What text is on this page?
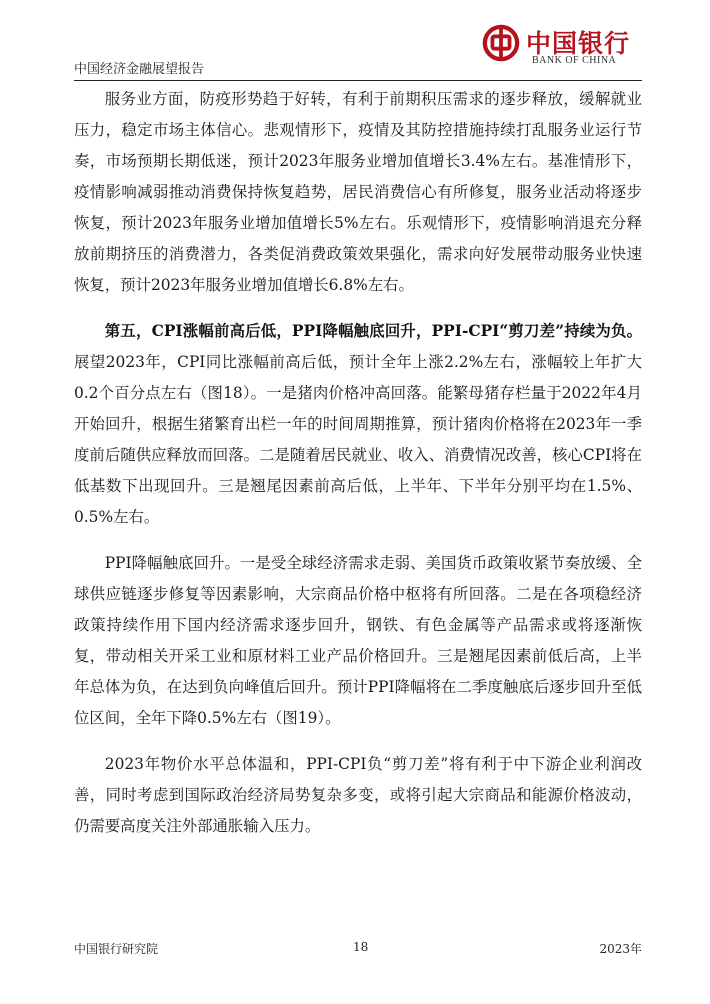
中国经济金融展望报告
中国银行
BANK OF CHINA

服务业方面，防疫形势趋于好转，有利于前期积压需求的逐步释放，缓解就业压力，稳定市场主体信心。悲观情形下，疫情及其防控措施持续打乱服务业运行节奏，市场预期长期低迷，预计2023年服务业增加值增长3.4%左右。基准情形下，疫情影响减弱推动消费保持恢复趋势，居民消费信心有所修复，服务业活动将逐步恢复，预计2023年服务业增加值增长5%左右。乐观情形下，疫情影响消退充分释放前期挤压的消费潜力，各类促消费政策效果强化，需求向好发展带动服务业快速恢复，预计2023年服务业增加值增长6.8%左右。

第五，CPI涨幅前高后低，PPI降幅触底回升，PPI-CPI“剪刀差”持续为负。展望2023年，CPI同比涨幅前高后低，预计全年上涨2.2%左右，涨幅较上年扩大0.2个百分点左右（图18）。一是猪肉价格冲高回落。能繁母猪存栏量于2022年4月开始回升，根据生猪繁育出栏一年的时间周期推算，预计猪肉价格将在2023年一季度前后随供应释放而回落。二是随着居民就业、收入、消费情况改善，核心CPI将在低基数下出现回升。三是翘尾因素前高后低，上半年、下半年分别平均在1.5%、0.5%左右。

PPI降幅触底回升。一是受全球经济需求走弱、美国货币政策收紧节奏放缓、全球供应链逐步修复等因素影响，大宗商品价格中枢将有所回落。二是在各项稳经济政策持续作用下国内经济需求逐步回升，钢铁、有色金属等产品需求或将逐渐恢复，带动相关开采工业和原材料工业产品价格回升。三是翘尾因素前低后高，上半年总体为负，在达到负向峰值后回升。预计PPI降幅将在二季度触底后逐步回升至低位区间，全年下降0.5%左右（图19）。

2023年物价水平总体温和，PPI-CPI负“剪刀差”将有利于中下游企业利润改善，同时考虑到国际政治经济局势复杂多变，或将引起大宗商品和能源价格波动，仍需要高度关注外部通胀输入压力。

中国银行研究院	18	2023年
